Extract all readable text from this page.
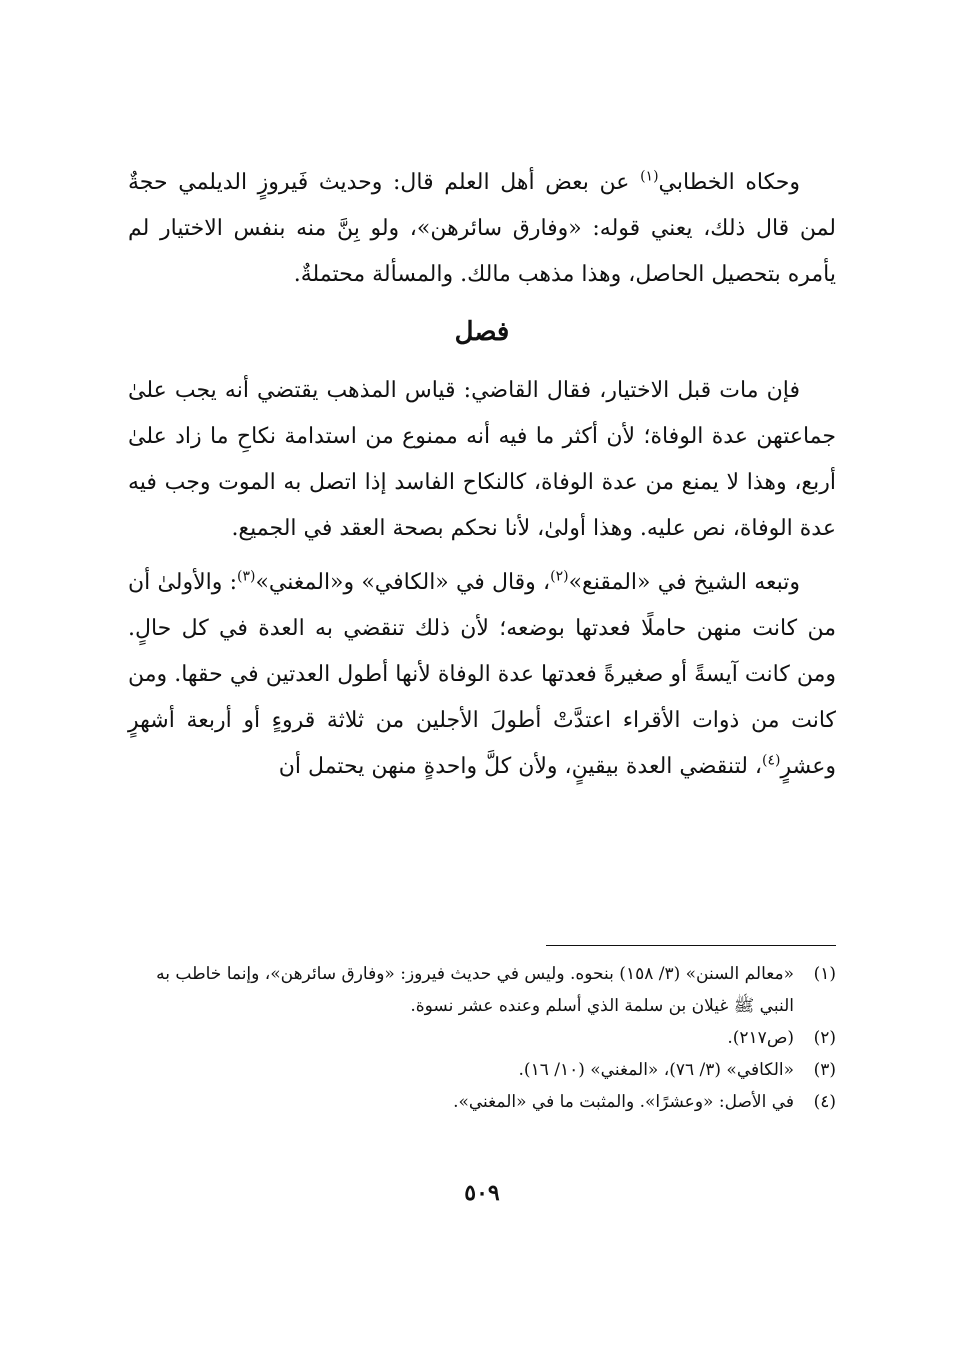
وحكاه الخطابي$^{(١)}$ عن بعض أهل العلم قال: وحديث فَيروزٍ الديلمي حجةٌ لمن قال ذلك، يعني قوله: «وفارق سائرهن»، ولو بِنَّ منه بنفس الاختيار لم يأمره بتحصيل الحاصل، وهذا مذهب مالك. والمسألة محتملةٌ.

فصل

فإن مات قبل الاختيار، فقال القاضي: قياس المذهب يقتضي أنه يجب علىٰ جماعتهن عدة الوفاة؛ لأن أكثر ما فيه أنه ممنوع من استدامة نكاحِ ما زاد علىٰ أربع، وهذا لا يمنع من عدة الوفاة، كالنكاح الفاسد إذا اتصل به الموت وجب فيه عدة الوفاة، نص عليه. وهذا أولىٰ، لأنا نحكم بصحة العقد في الجميع.

وتبعه الشيخ في «المقنع»$^{(٢)}$، وقال في «الكافي» و«المغني»$^{(٣)}$: والأولىٰ أن من كانت منهن حاملًا فعدتها بوضعه؛ لأن ذلك تنقضي به العدة في كل حالٍ. ومن كانت آيسةً أو صغيرةً فعدتها عدة الوفاة لأنها أطول العدتين في حقها. ومن كانت من ذوات الأقراء اعتدَّتْ أطولَ الأجلين من ثلاثة قروءٍ أو أربعة أشهرٍ وعشرٍ$^{(٤)}$، لتنقضي العدة بيقينٍ، ولأن كلَّ واحدةٍ منهن يحتمل أن

(١)
«معالم السنن» (٣/ ١٥٨) بنحوه. وليس في حديث فيروز: «وفارق سائرهن»، وإنما خاطب به النبي ﷺ غيلان بن سلمة الذي أسلم وعنده عشر نسوة.
(٢)
(ص٢١٧).
(٣)
«الكافي» (٣/ ٧٦)، «المغني» (١٠/ ١٦).
(٤)
في الأصل: «وعشرًا». والمثبت ما في «المغني».
٥٠٩
